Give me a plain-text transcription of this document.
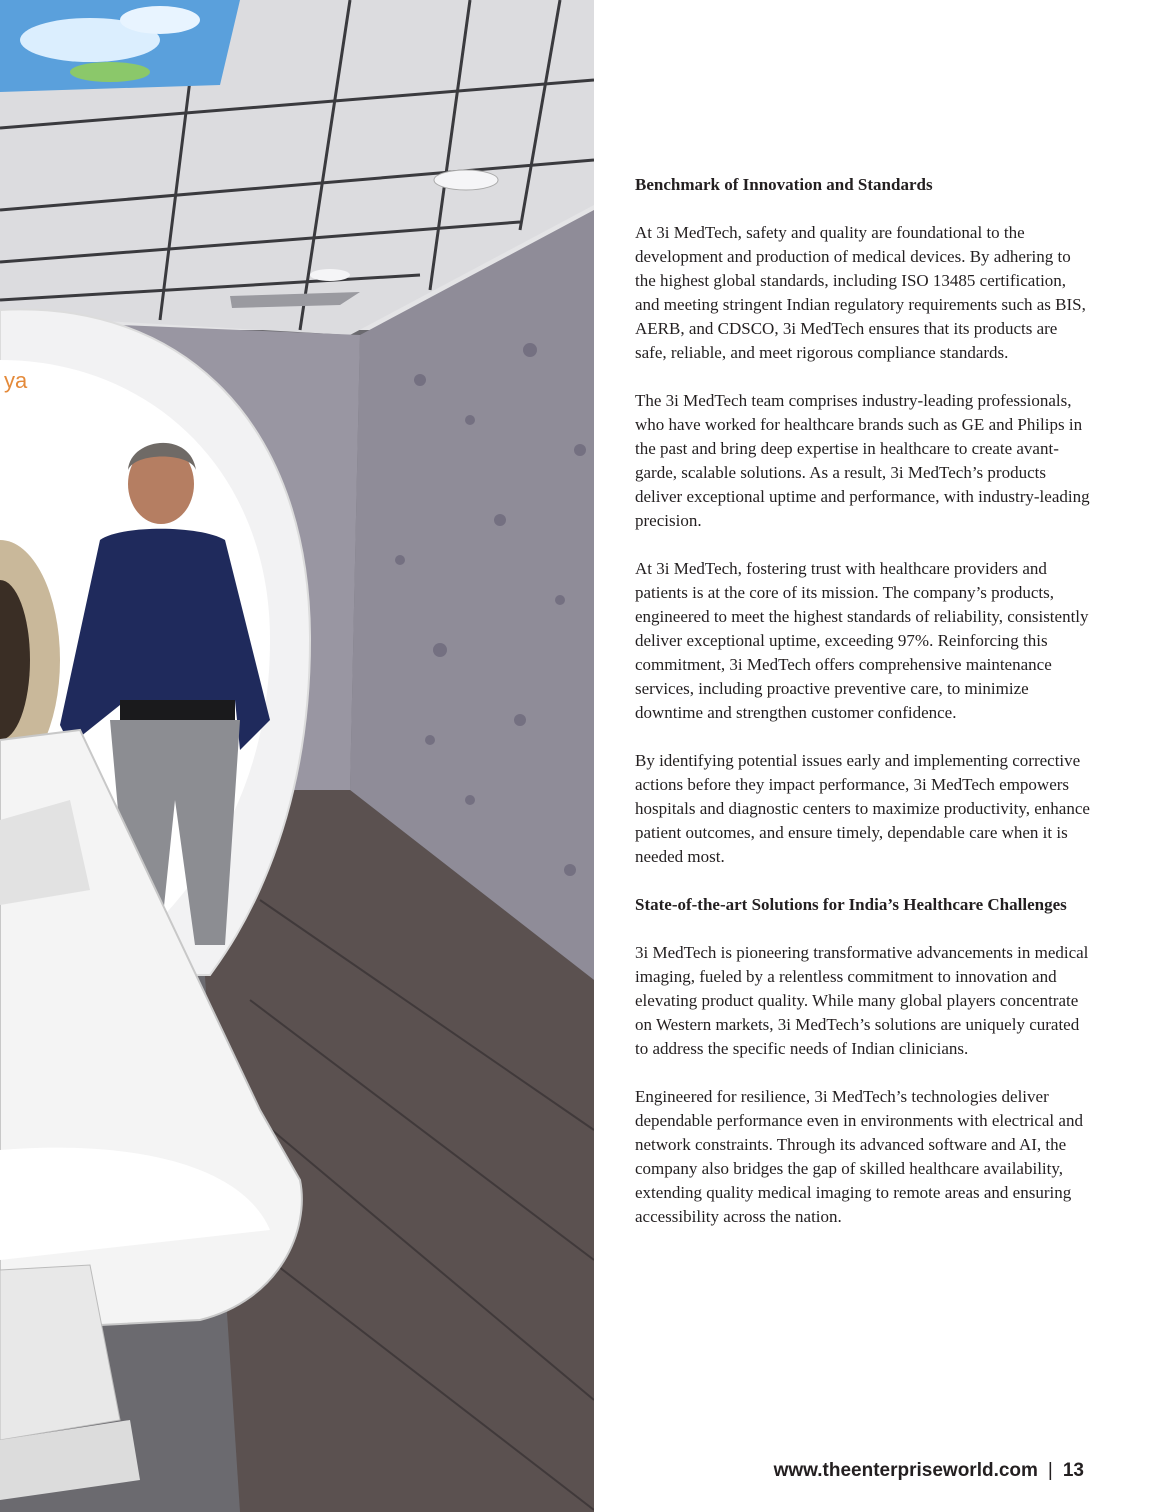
ya
Benchmark of Innovation and Standards

At 3i MedTech, safety and quality are foundational to the development and production of medical devices. By adhering to the highest global standards, including ISO 13485 certification, and meeting stringent Indian regulatory requirements such as BIS, AERB, and CDSCO, 3i MedTech ensures that its products are safe, reliable, and meet rigorous compliance standards.

The 3i MedTech team comprises industry-leading professionals, who have worked for healthcare brands such as GE and Philips in the past and bring deep expertise in healthcare to create avant-garde, scalable solutions. As a result, 3i MedTech’s products deliver exceptional uptime and performance, with industry-leading precision.

At 3i MedTech, fostering trust with healthcare providers and patients is at the core of its mission. The company’s products, engineered to meet the highest standards of reliability, consistently deliver exceptional uptime, exceeding 97%. Reinforcing this commitment, 3i MedTech offers comprehensive maintenance services, including proactive preventive care, to minimize downtime and strengthen customer confidence.

By identifying potential issues early and implementing corrective actions before they impact performance, 3i MedTech empowers hospitals and diagnostic centers to maximize productivity, enhance patient outcomes, and ensure timely, dependable care when it is needed most.

State-of-the-art Solutions for India’s Healthcare Challenges

3i MedTech is pioneering transformative advancements in medical imaging, fueled by a relentless commitment to innovation and elevating product quality. While many global players concentrate on Western markets, 3i MedTech’s solutions are uniquely curated to address the specific needs of Indian clinicians.

Engineered for resilience, 3i MedTech’s technologies deliver dependable performance even in environments with electrical and network constraints. Through its advanced software and AI, the company also bridges the gap of skilled healthcare availability, extending quality medical imaging to remote areas and ensuring accessibility across the nation.

www.theenterpriseworld.com | 13
